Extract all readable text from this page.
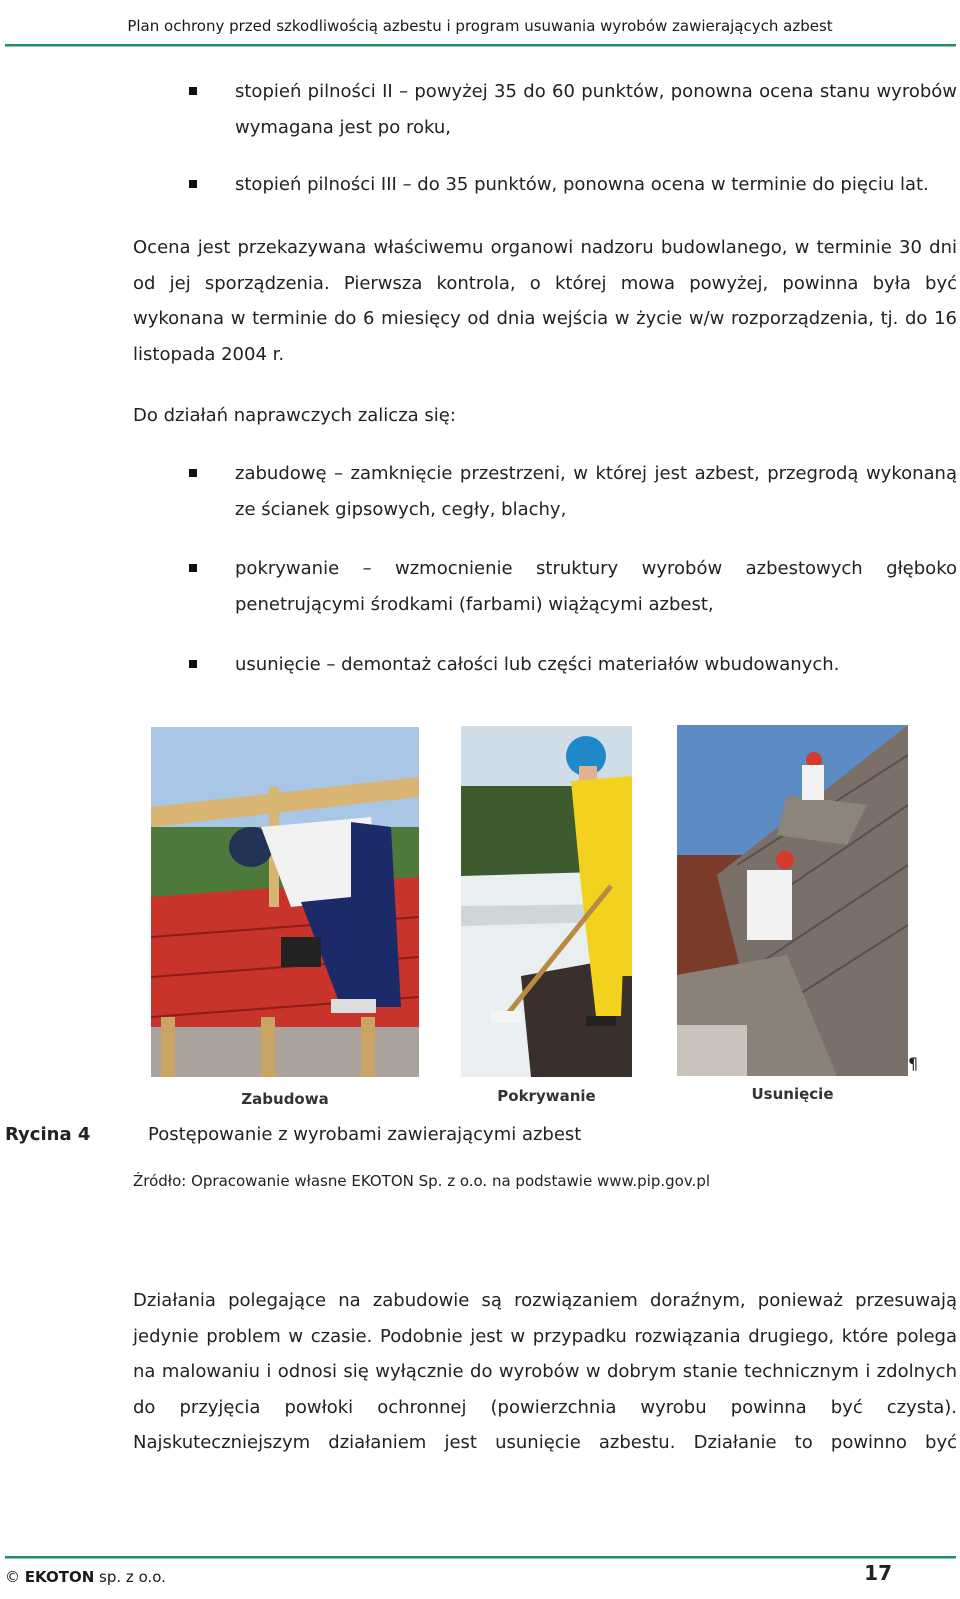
Plan ochrony przed szkodliwością azbestu i program usuwania wyrobów zawierających azbest
stopień pilności II – powyżej 35 do 60 punktów, ponowna ocena stanu wyrobów wymagana jest po roku,
stopień pilności III – do 35 punktów, ponowna ocena w terminie do pięciu lat.
Ocena jest przekazywana właściwemu organowi nadzoru budowlanego, w terminie 30 dni od jej sporządzenia. Pierwsza kontrola, o której mowa powyżej, powinna była być wykonana w terminie do 6 miesięcy od dnia wejścia w życie w/w rozporządzenia, tj. do 16 listopada 2004 r.
Do działań naprawczych zalicza się:
zabudowę – zamknięcie przestrzeni, w której jest azbest, przegrodą wykonaną ze ścianek gipsowych, cegły, blachy,
pokrywanie – wzmocnienie struktury wyrobów azbestowych głęboko penetrującymi środkami (farbami) wiążącymi azbest,
usunięcie – demontaż całości lub części materiałów wbudowanych.
¶
Zabudowa	Pokrywanie	Usunięcie
Rycina 4	Postępowanie z wyrobami zawierającymi azbest
Źródło: Opracowanie własne EKOTON Sp. z o.o. na podstawie www.pip.gov.pl
Działania polegające na zabudowie są rozwiązaniem doraźnym, ponieważ przesuwają jedynie problem w czasie. Podobnie jest w przypadku rozwiązania drugiego, które polega na malowaniu i odnosi się wyłącznie do wyrobów w dobrym stanie technicznym i zdolnych do przyjęcia powłoki ochronnej (powierzchnia wyrobu powinna być czysta). Najskuteczniejszym działaniem jest usunięcie azbestu. Działanie to powinno być
© EKOTON sp. z o.o.	17
